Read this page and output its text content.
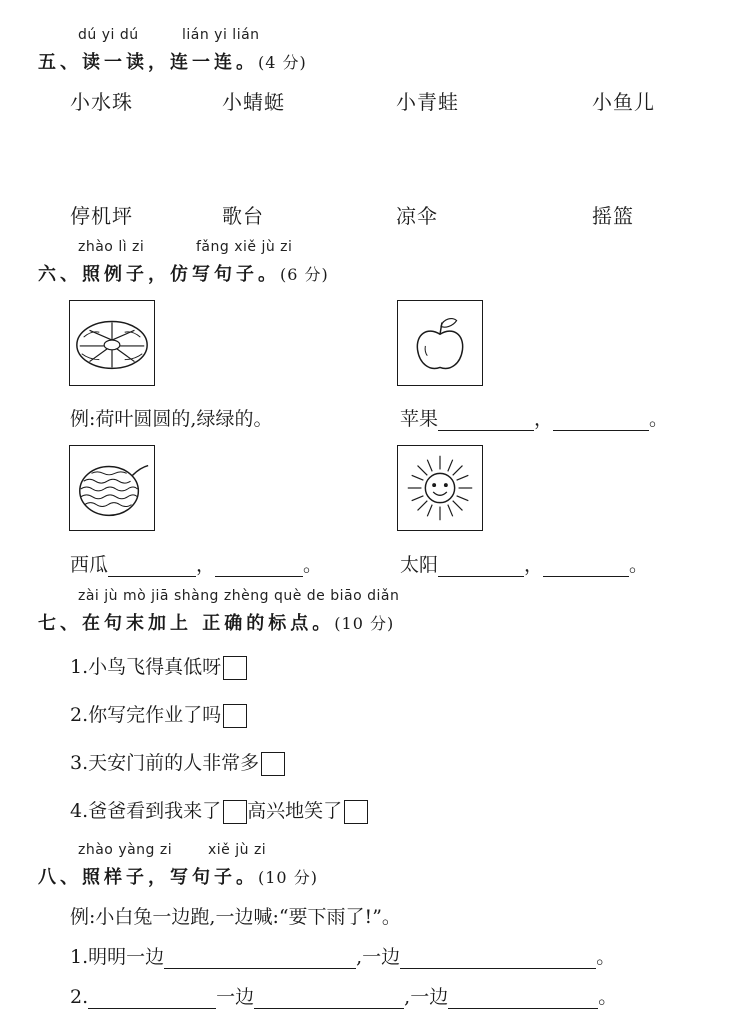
dú yi dú	lián yi lián
五、读一读，连一连。(4 分)
小水珠	小蜻蜓	小青蛙	小鱼儿
停机坪	歌台	凉伞	摇篮
zhào lì zi	fǎng xiě jù zi
六、照例子，仿写句子。(6 分)
例:荷叶圆圆的,绿绿的。	苹果	，	。
西瓜	，	。	太阳	，	。
zài jù mò jiā shàng zhèng què de biāo diǎn
七、在句末加上 正确的标点。(10 分)
1.小鸟飞得真低呀
2.你写完作业了吗
3.天安门前的人非常多
4.爸爸看到我来了 高兴地笑了
zhào yàng zi	xiě jù zi
八、照样子，写句子。(10 分)
例:小白兔一边跑,一边喊:“要下雨了!”。
1.明明一边	,一边	。
2.	一边	,一边	。
